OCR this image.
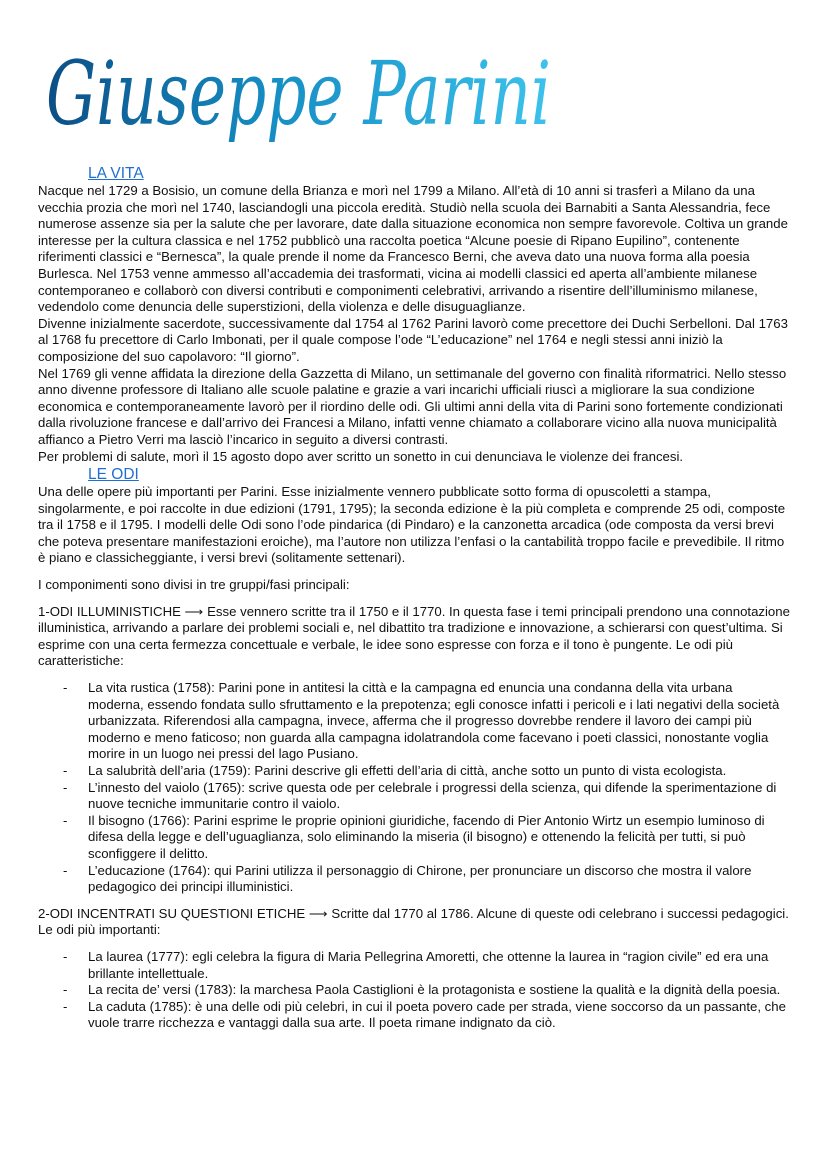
Giuseppe Parini
LA VITA

Nacque nel 1729 a Bosisio, un comune della Brianza e morì nel 1799 a Milano. All’età di 10 anni si trasferì a Milano da una vecchia prozia che morì nel 1740, lasciandogli una piccola eredità. Studiò nella scuola dei Barnabiti a Santa Alessandria, fece numerose assenze sia per la salute che per lavorare, date dalla situazione economica non sempre favorevole. Coltiva un grande interesse per la cultura classica e nel 1752 pubblicò una raccolta poetica “Alcune poesie di Ripano Eupilino”, contenente riferimenti classici e “Bernesca”, la quale prende il nome da Francesco Berni, che aveva dato una nuova forma alla poesia Burlesca. Nel 1753 venne ammesso all’accademia dei trasformati, vicina ai modelli classici ed aperta all’ambiente milanese contemporaneo e collaborò con diversi contributi e componimenti celebrativi, arrivando a risentire dell’illuminismo milanese, vedendolo come denuncia delle superstizioni, della violenza e delle disuguaglianze.

Divenne inizialmente sacerdote, successivamente dal 1754 al 1762 Parini lavorò come precettore dei Duchi Serbelloni. Dal 1763 al 1768 fu precettore di Carlo Imbonati, per il quale compose l’ode “L’educazione” nel 1764 e negli stessi anni iniziò la composizione del suo capolavoro: “Il giorno”.

Nel 1769 gli venne affidata la direzione della Gazzetta di Milano, un settimanale del governo con finalità riformatrici. Nello stesso anno divenne professore di Italiano alle scuole palatine e grazie a vari incarichi ufficiali riuscì a migliorare la sua condizione economica e contemporaneamente lavorò per il riordino delle odi. Gli ultimi anni della vita di Parini sono fortemente condizionati dalla rivoluzione francese e dall’arrivo dei Francesi a Milano, infatti venne chiamato a collaborare vicino alla nuova municipalità affianco a Pietro Verri ma lasciò l’incarico in seguito a diversi contrasti.

Per problemi di salute, morì il 15 agosto dopo aver scritto un sonetto in cui denunciava le violenze dei francesi.

LE ODI

Una delle opere più importanti per Parini. Esse inizialmente vennero pubblicate sotto forma di opuscoletti a stampa, singolarmente, e poi raccolte in due edizioni (1791, 1795); la seconda edizione è la più completa e comprende 25 odi, composte tra il 1758 e il 1795. I modelli delle Odi sono l’ode pindarica (di Pindaro) e la canzonetta arcadica (ode composta da versi brevi che poteva presentare manifestazioni eroiche), ma l’autore non utilizza l’enfasi o la cantabilità troppo facile e prevedibile. Il ritmo è piano e classicheggiante, i versi brevi (solitamente settenari).

I componimenti sono divisi in tre gruppi/fasi principali:

1-ODI ILLUMINISTICHE ⟶ Esse vennero scritte tra il 1750 e il 1770. In questa fase i temi principali prendono una connotazione illuministica, arrivando a parlare dei problemi sociali e, nel dibattito tra tradizione e innovazione, a schierarsi con quest’ultima. Si esprime con una certa fermezza concettuale e verbale, le idee sono espresse con forza e il tono è pungente. Le odi più caratteristiche:

- La vita rustica (1758): Parini pone in antitesi la città e la campagna ed enuncia una condanna della vita urbana moderna, essendo fondata sullo sfruttamento e la prepotenza; egli conosce infatti i pericoli e i lati negativi della società urbanizzata. Riferendosi alla campagna, invece, afferma che il progresso dovrebbe rendere il lavoro dei campi più moderno e meno faticoso; non guarda alla campagna idolatrandola come facevano i poeti classici, nonostante voglia morire in un luogo nei pressi del lago Pusiano.
- La salubrità dell’aria (1759): Parini descrive gli effetti dell’aria di città, anche sotto un punto di vista ecologista.
- L’innesto del vaiolo (1765): scrive questa ode per celebrale i progressi della scienza, qui difende la sperimentazione di nuove tecniche immunitarie contro il vaiolo.
- Il bisogno (1766): Parini esprime le proprie opinioni giuridiche, facendo di Pier Antonio Wirtz un esempio luminoso di difesa della legge e dell’uguaglianza, solo eliminando la miseria (il bisogno) e ottenendo la felicità per tutti, si può sconfiggere il delitto.
- L’educazione (1764): qui Parini utilizza il personaggio di Chirone, per pronunciare un discorso che mostra il valore pedagogico dei principi illuministici.

2-ODI INCENTRATI SU QUESTIONI ETICHE ⟶ Scritte dal 1770 al 1786. Alcune di queste odi celebrano i successi pedagogici. Le odi più importanti:

- La laurea (1777): egli celebra la figura di Maria Pellegrina Amoretti, che ottenne la laurea in “ragion civile” ed era una brillante intellettuale.
- La recita de’ versi (1783): la marchesa Paola Castiglioni è la protagonista e sostiene la qualità e la dignità della poesia.
- La caduta (1785): è una delle odi più celebri, in cui il poeta povero cade per strada, viene soccorso da un passante, che vuole trarre ricchezza e vantaggi dalla sua arte. Il poeta rimane indignato da ciò.
